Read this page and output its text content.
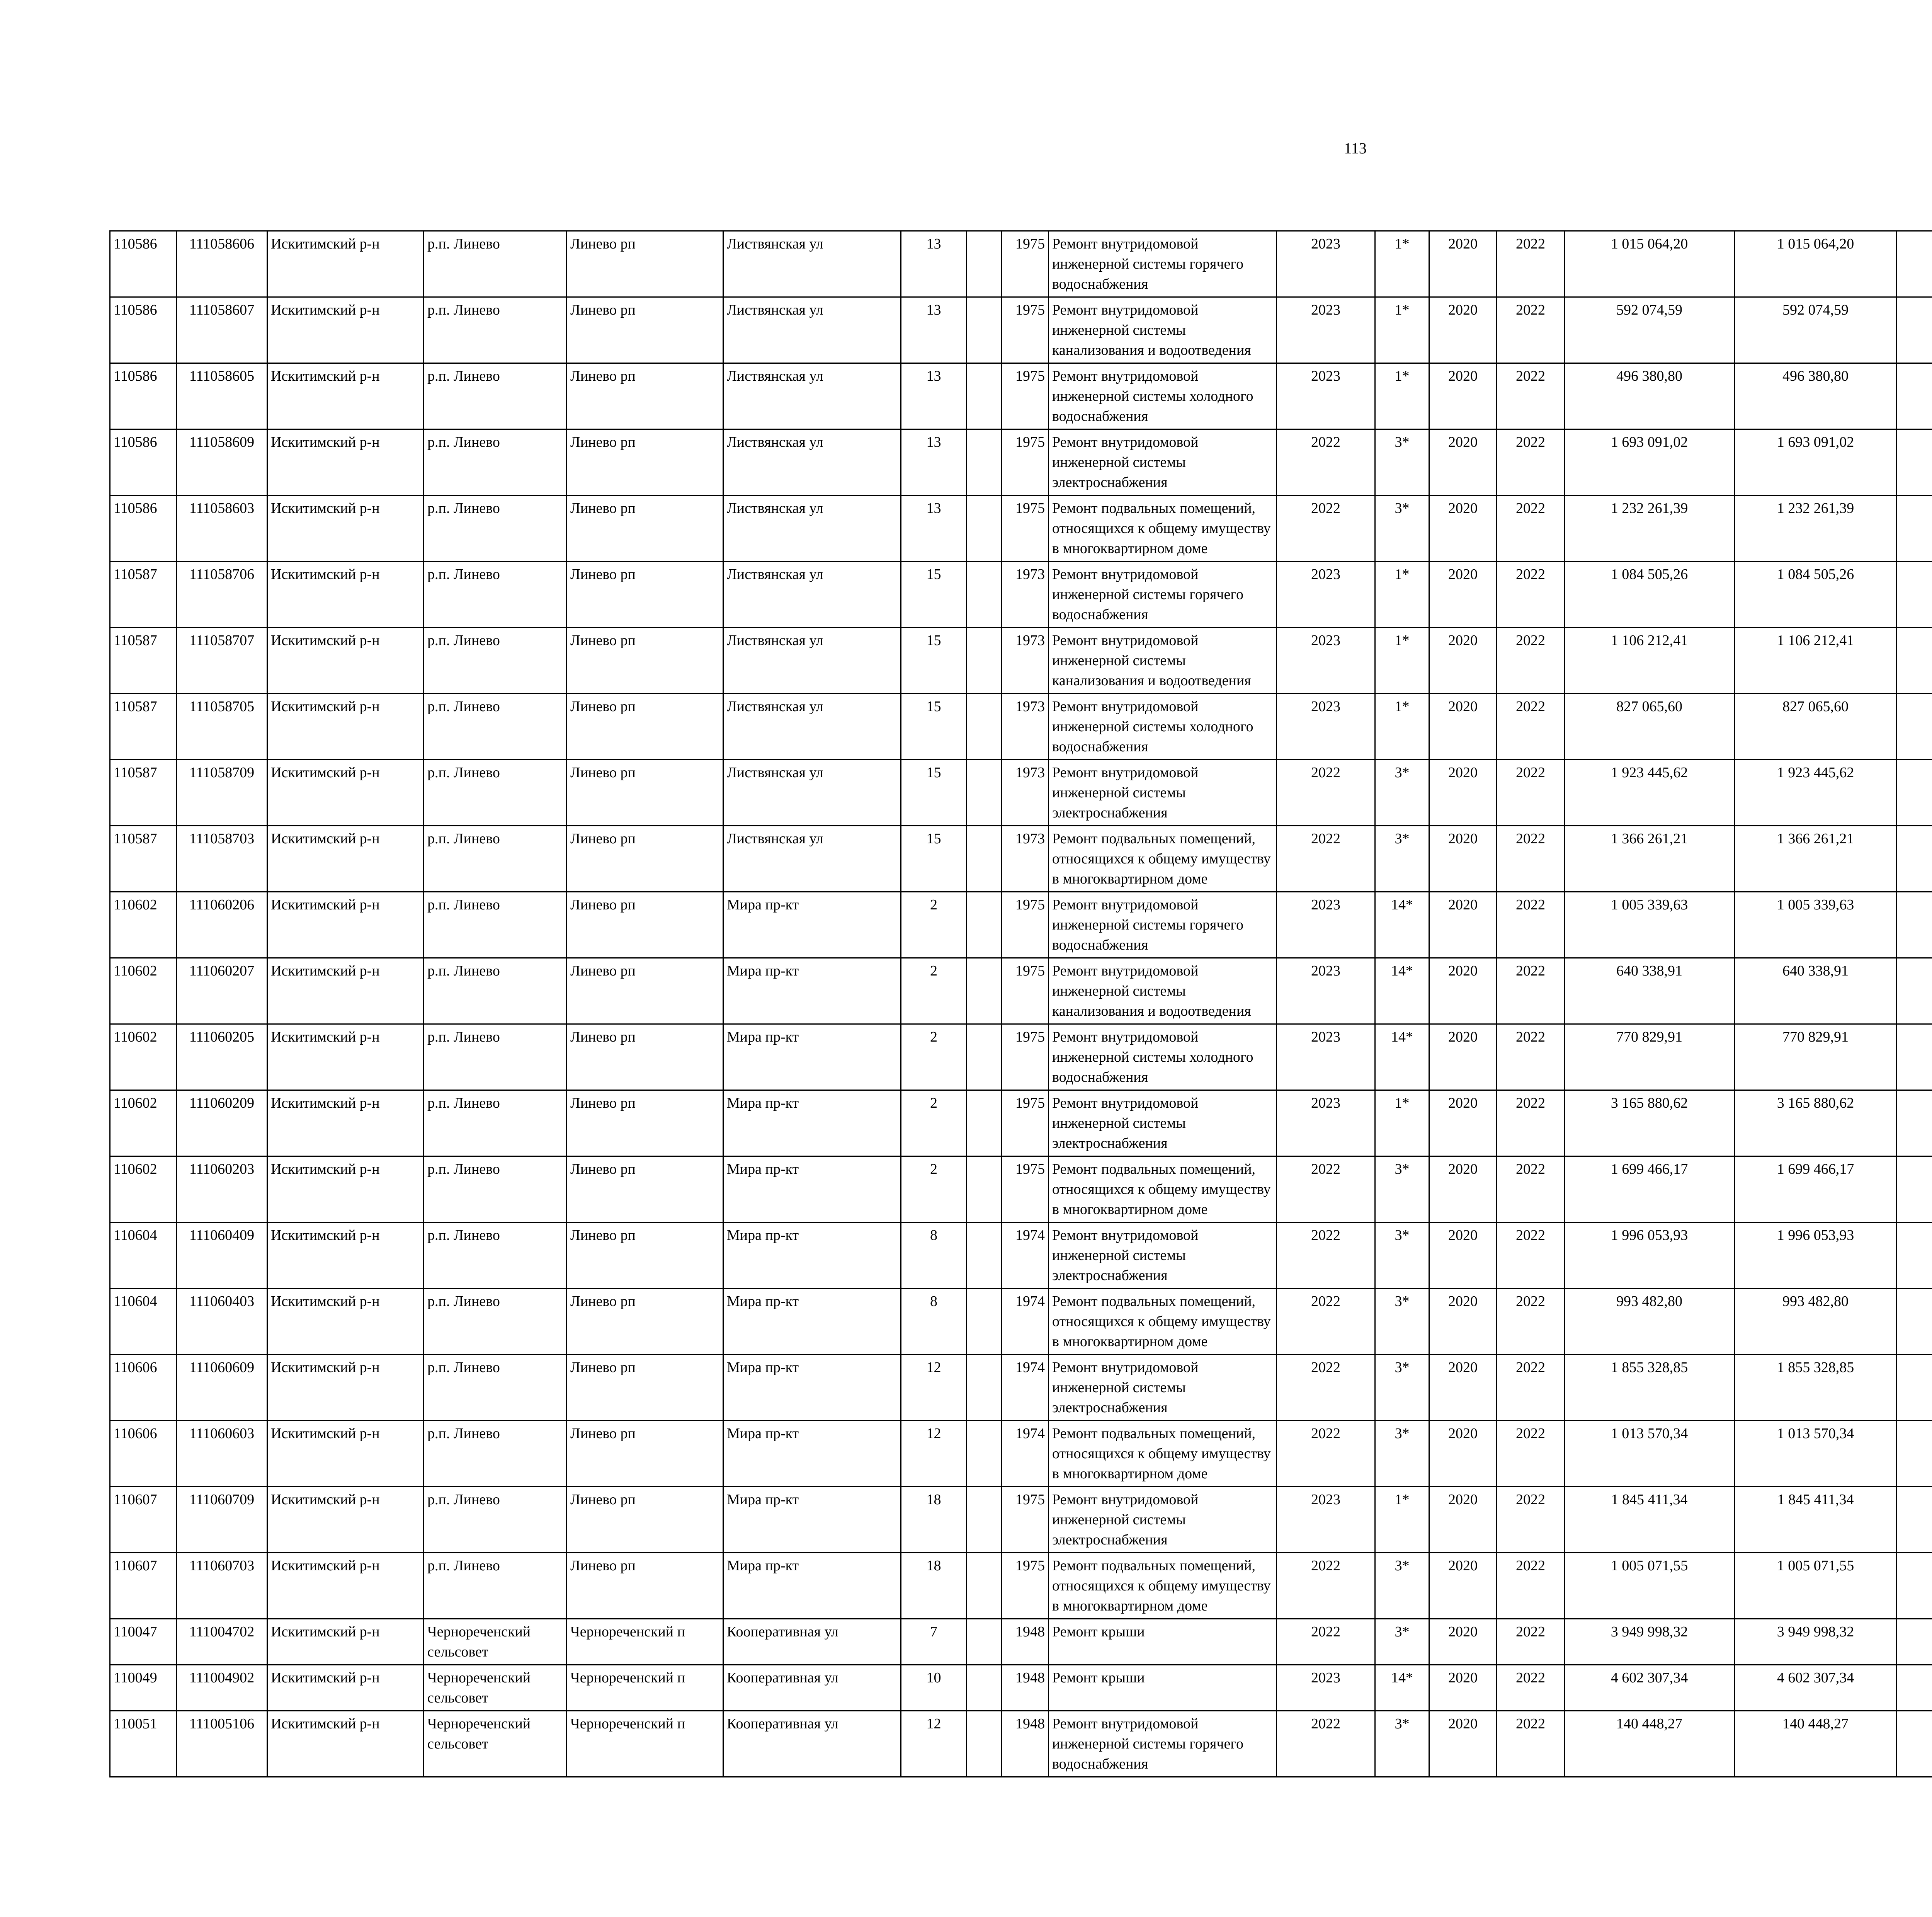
113
110586	111058606	Искитимский р-н	р.п. Линево	Линево рп	Листвянская ул	13		1975	Ремонт внутридомовой инженерной системы горячего водоснабжения	2023	1*	2020	2022	1 015 064,20	1 015 064,20						
110586	111058607	Искитимский р-н	р.п. Линево	Линево рп	Листвянская ул	13		1975	Ремонт внутридомовой инженерной системы канализования и водоотведения	2023	1*	2020	2022	592 074,59	592 074,59						
110586	111058605	Искитимский р-н	р.п. Линево	Линево рп	Листвянская ул	13		1975	Ремонт внутридомовой инженерной системы холодного водоснабжения	2023	1*	2020	2022	496 380,80	496 380,80						
110586	111058609	Искитимский р-н	р.п. Линево	Линево рп	Листвянская ул	13		1975	Ремонт внутридомовой инженерной системы электроснабжения	2022	3*	2020	2022	1 693 091,02	1 693 091,02						
110586	111058603	Искитимский р-н	р.п. Линево	Линево рп	Листвянская ул	13		1975	Ремонт подвальных помещений, относящихся к общему имуществу в многоквартирном доме	2022	3*	2020	2022	1 232 261,39	1 232 261,39						
110587	111058706	Искитимский р-н	р.п. Линево	Линево рп	Листвянская ул	15		1973	Ремонт внутридомовой инженерной системы горячего водоснабжения	2023	1*	2020	2022	1 084 505,26	1 084 505,26						
110587	111058707	Искитимский р-н	р.п. Линево	Линево рп	Листвянская ул	15		1973	Ремонт внутридомовой инженерной системы канализования и водоотведения	2023	1*	2020	2022	1 106 212,41	1 106 212,41						
110587	111058705	Искитимский р-н	р.п. Линево	Линево рп	Листвянская ул	15		1973	Ремонт внутридомовой инженерной системы холодного водоснабжения	2023	1*	2020	2022	827 065,60	827 065,60						
110587	111058709	Искитимский р-н	р.п. Линево	Линево рп	Листвянская ул	15		1973	Ремонт внутридомовой инженерной системы электроснабжения	2022	3*	2020	2022	1 923 445,62	1 923 445,62						
110587	111058703	Искитимский р-н	р.п. Линево	Линево рп	Листвянская ул	15		1973	Ремонт подвальных помещений, относящихся к общему имуществу в многоквартирном доме	2022	3*	2020	2022	1 366 261,21	1 366 261,21						
110602	111060206	Искитимский р-н	р.п. Линево	Линево рп	Мира пр-кт	2		1975	Ремонт внутридомовой инженерной системы горячего водоснабжения	2023	14*	2020	2022	1 005 339,63	1 005 339,63						
110602	111060207	Искитимский р-н	р.п. Линево	Линево рп	Мира пр-кт	2		1975	Ремонт внутридомовой инженерной системы канализования и водоотведения	2023	14*	2020	2022	640 338,91	640 338,91						
110602	111060205	Искитимский р-н	р.п. Линево	Линево рп	Мира пр-кт	2		1975	Ремонт внутридомовой инженерной системы холодного водоснабжения	2023	14*	2020	2022	770 829,91	770 829,91						
110602	111060209	Искитимский р-н	р.п. Линево	Линево рп	Мира пр-кт	2		1975	Ремонт внутридомовой инженерной системы электроснабжения	2023	1*	2020	2022	3 165 880,62	3 165 880,62						
110602	111060203	Искитимский р-н	р.п. Линево	Линево рп	Мира пр-кт	2		1975	Ремонт подвальных помещений, относящихся к общему имуществу в многоквартирном доме	2022	3*	2020	2022	1 699 466,17	1 699 466,17						
110604	111060409	Искитимский р-н	р.п. Линево	Линево рп	Мира пр-кт	8		1974	Ремонт внутридомовой инженерной системы электроснабжения	2022	3*	2020	2022	1 996 053,93	1 996 053,93						
110604	111060403	Искитимский р-н	р.п. Линево	Линево рп	Мира пр-кт	8		1974	Ремонт подвальных помещений, относящихся к общему имуществу в многоквартирном доме	2022	3*	2020	2022	993 482,80	993 482,80						
110606	111060609	Искитимский р-н	р.п. Линево	Линево рп	Мира пр-кт	12		1974	Ремонт внутридомовой инженерной системы электроснабжения	2022	3*	2020	2022	1 855 328,85	1 855 328,85						
110606	111060603	Искитимский р-н	р.п. Линево	Линево рп	Мира пр-кт	12		1974	Ремонт подвальных помещений, относящихся к общему имуществу в многоквартирном доме	2022	3*	2020	2022	1 013 570,34	1 013 570,34						
110607	111060709	Искитимский р-н	р.п. Линево	Линево рп	Мира пр-кт	18		1975	Ремонт внутридомовой инженерной системы электроснабжения	2023	1*	2020	2022	1 845 411,34	1 845 411,34						
110607	111060703	Искитимский р-н	р.п. Линево	Линево рп	Мира пр-кт	18		1975	Ремонт подвальных помещений, относящихся к общему имуществу в многоквартирном доме	2022	3*	2020	2022	1 005 071,55	1 005 071,55						
110047	111004702	Искитимский р-н	Чернореченский сельсовет	Чернореченский п	Кооперативная ул	7		1948	Ремонт крыши	2022	3*	2020	2022	3 949 998,32	3 949 998,32						
110049	111004902	Искитимский р-н	Чернореченский сельсовет	Чернореченский п	Кооперативная ул	10		1948	Ремонт крыши	2023	14*	2020	2022	4 602 307,34	4 602 307,34						
110051	111005106	Искитимский р-н	Чернореченский сельсовет	Чернореченский п	Кооперативная ул	12		1948	Ремонт внутридомовой инженерной системы горячего водоснабжения	2022	3*	2020	2022	140 448,27	140 448,27						
